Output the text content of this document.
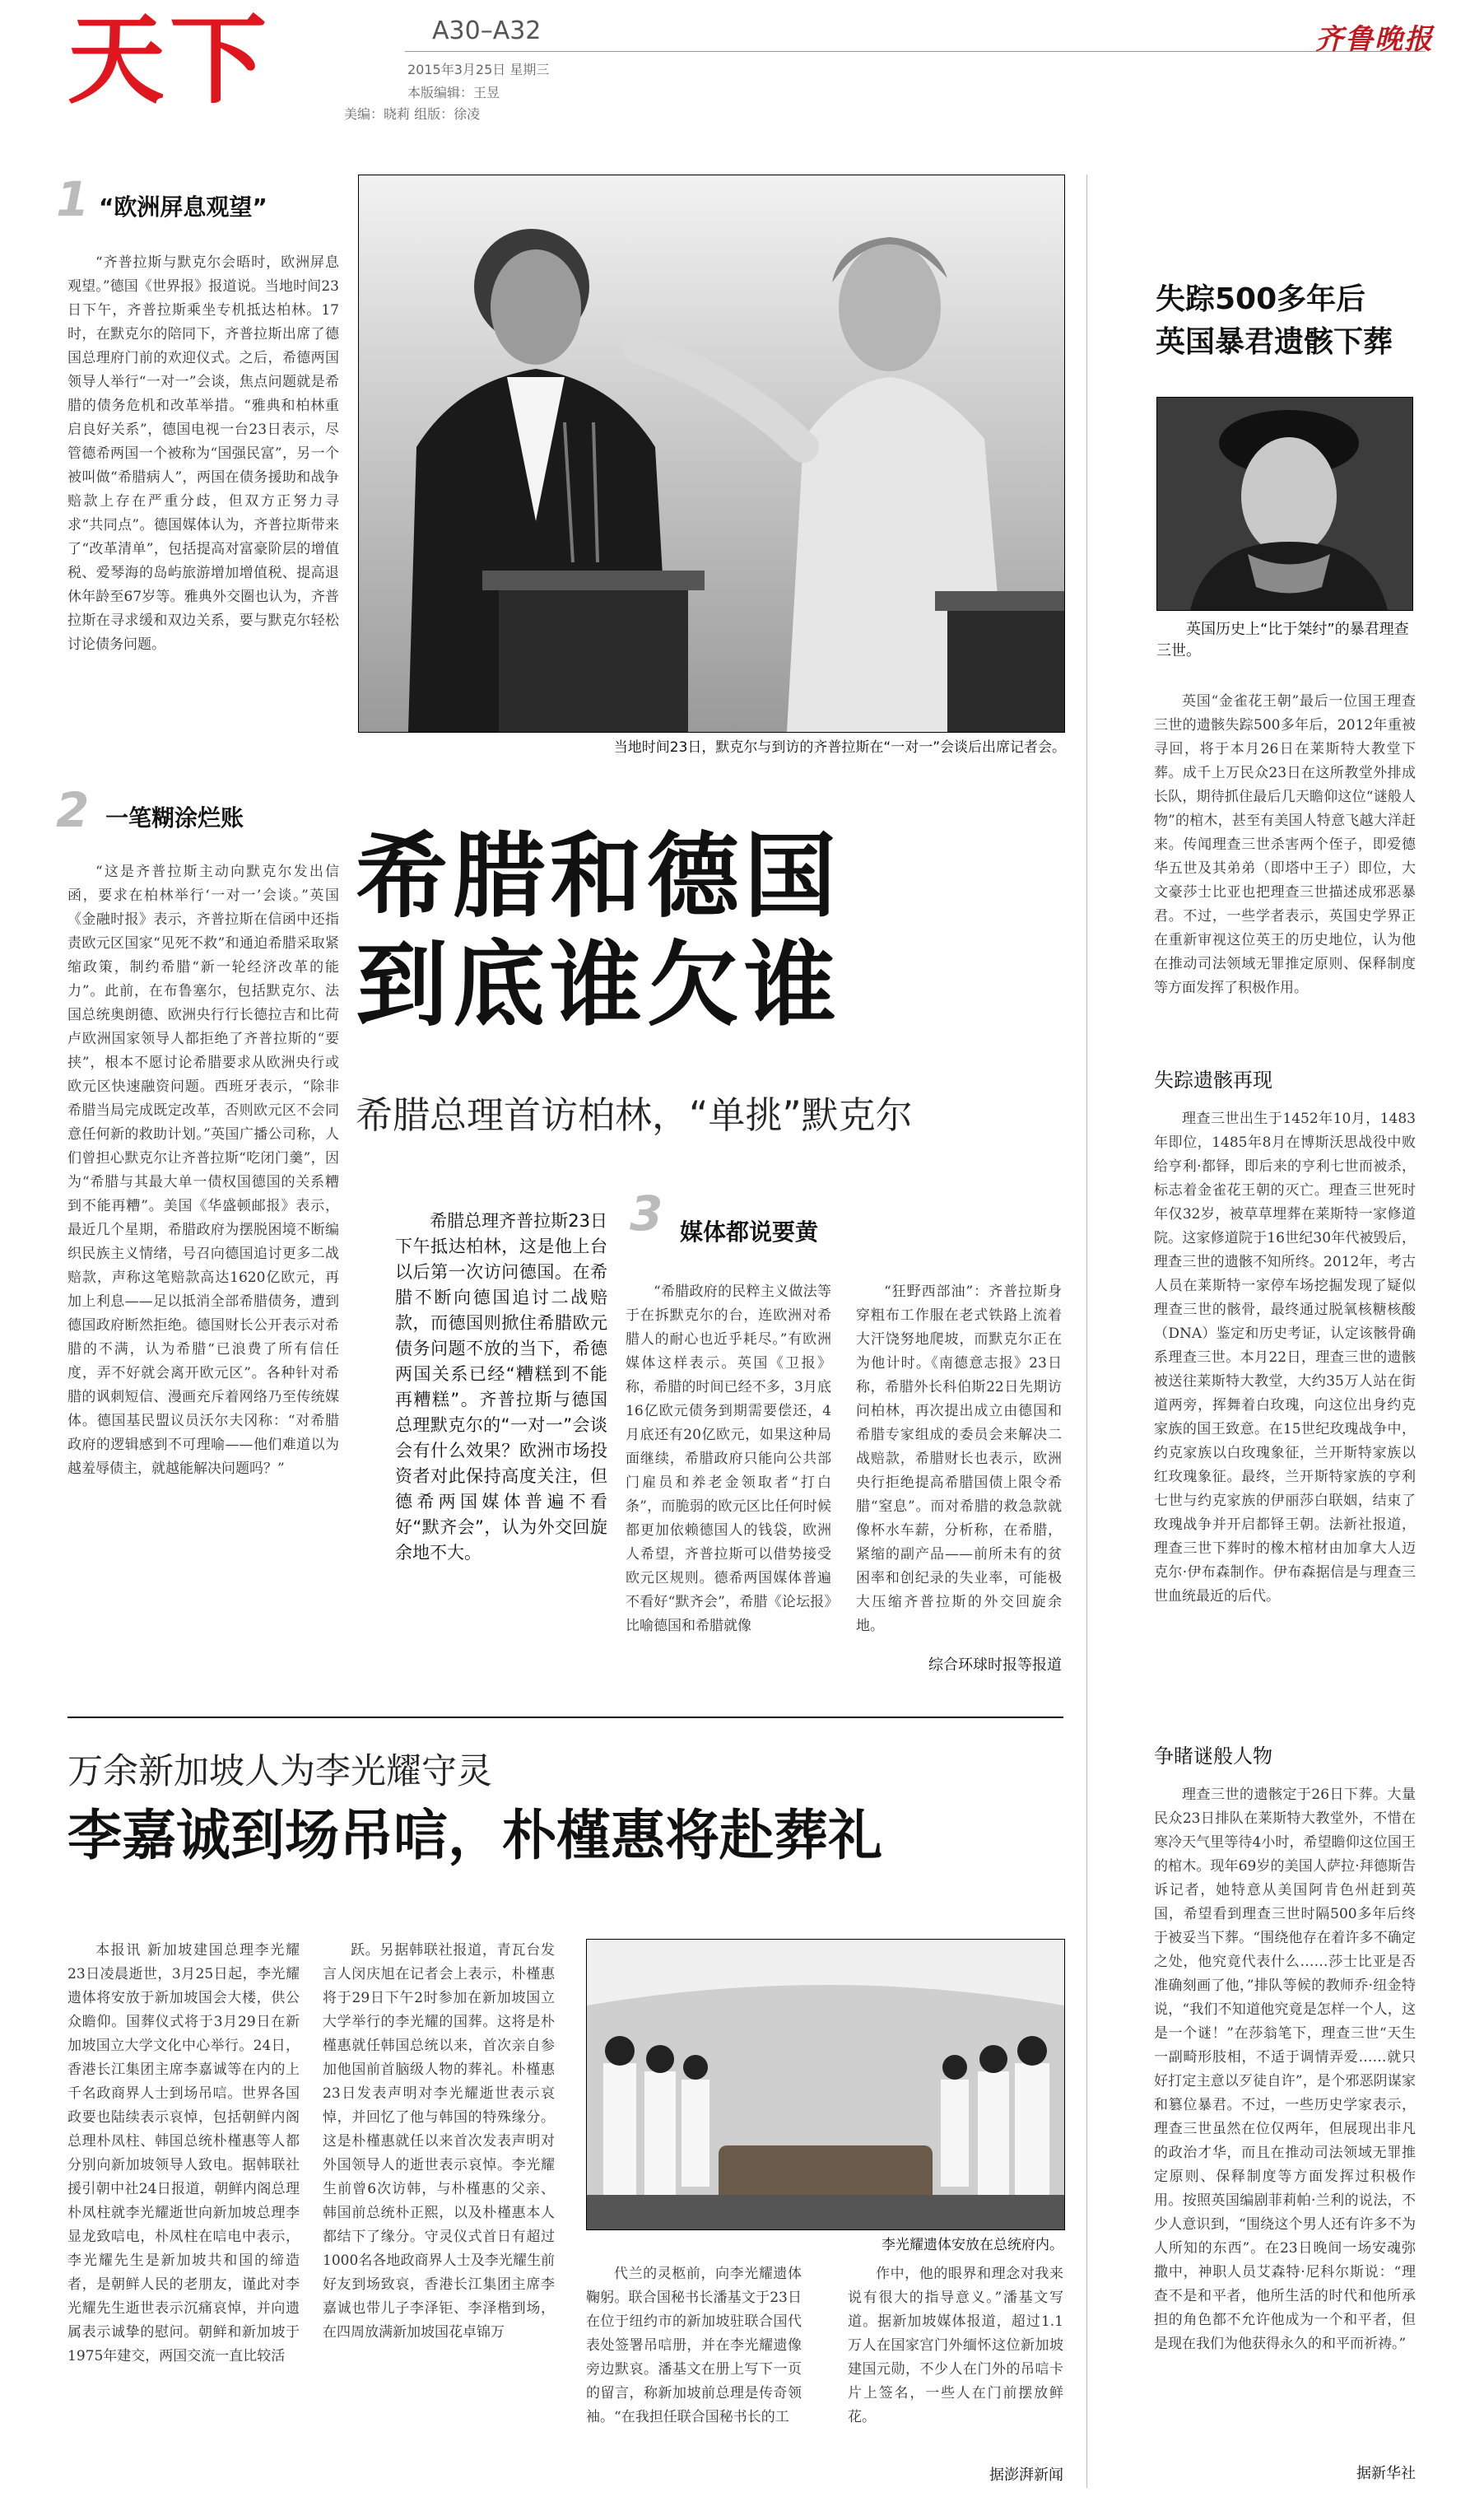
天下	A30–A32
2015年3月25日 星期三
本版编辑：王昱
美编：晓莉 组版：徐凌
齐鲁晚报
1 “欧洲屏息观望”

“齐普拉斯与默克尔会晤时，欧洲屏息观望。”德国《世界报》报道说。当地时间23日下午，齐普拉斯乘坐专机抵达柏林。17时，在默克尔的陪同下，齐普拉斯出席了德国总理府门前的欢迎仪式。之后，希德两国领导人举行“一对一”会谈，焦点问题就是希腊的债务危机和改革举措。“雅典和柏林重启良好关系”，德国电视一台23日表示，尽管德希两国一个被称为“国强民富”，另一个被叫做“希腊病人”，两国在债务援助和战争赔款上存在严重分歧，但双方正努力寻求“共同点”。德国媒体认为，齐普拉斯带来了“改革清单”，包括提高对富豪阶层的增值税、爱琴海的岛屿旅游增加增值税、提高退休年龄至67岁等。雅典外交圈也认为，齐普拉斯在寻求缓和双边关系，要与默克尔轻松讨论债务问题。

当地时间23日，默克尔与到访的齐普拉斯在“一对一”会谈后出席记者会。
2 一笔糊涂烂账

“这是齐普拉斯主动向默克尔发出信函，要求在柏林举行‘一对一’会谈。”英国《金融时报》表示，齐普拉斯在信函中还指责欧元区国家“见死不救”和通迫希腊采取紧缩政策，制约希腊“新一轮经济改革的能力”。此前，在布鲁塞尔，包括默克尔、法国总统奥朗德、欧洲央行行长德拉吉和比荷卢欧洲国家领导人都拒绝了齐普拉斯的“要挟”，根本不愿讨论希腊要求从欧洲央行或欧元区快速融资问题。西班牙表示，“除非希腊当局完成既定改革，否则欧元区不会同意任何新的救助计划。”英国广播公司称，人们曾担心默克尔让齐普拉斯“吃闭门羹”，因为“希腊与其最大单一债权国德国的关系糟到不能再糟”。美国《华盛顿邮报》表示，最近几个星期，希腊政府为摆脱困境不断编织民族主义情绪，号召向德国追讨更多二战赔款，声称这笔赔款高达1620亿欧元，再加上利息——足以抵消全部希腊债务，遭到德国政府断然拒绝。德国财长公开表示对希腊的不满，认为希腊“已浪费了所有信任度，弄不好就会离开欧元区”。各种针对希腊的讽刺短信、漫画充斥着网络乃至传统媒体。德国基民盟议员沃尔夫冈称：“对希腊政府的逻辑感到不可理喻——他们难道以为越羞辱债主，就越能解决问题吗？”

希腊和德国
到底谁欠谁
希腊总理首访柏林，“单挑”默克尔

希腊总理齐普拉斯23日下午抵达柏林，这是他上台以后第一次访问德国。在希腊不断向德国追讨二战赔款，而德国则掀住希腊欧元债务问题不放的当下，希德两国关系已经“糟糕到不能再糟糕”。齐普拉斯与德国总理默克尔的“一对一”会谈会有什么效果？欧洲市场投资者对此保持高度关注，但德希两国媒体普遍不看好“默齐会”，认为外交回旋余地不大。

3 媒体都说要黄

“希腊政府的民粹主义做法等于在拆默克尔的台，连欧洲对希腊人的耐心也近乎耗尽。”有欧洲媒体这样表示。英国《卫报》称，希腊的时间已经不多，3月底16亿欧元债务到期需要偿还，4月底还有20亿欧元，如果这种局面继续，希腊政府只能向公共部门雇员和养老金领取者“打白条”，而脆弱的欧元区比任何时候都更加依赖德国人的钱袋，欧洲人希望，齐普拉斯可以借势接受欧元区规则。德希两国媒体普遍不看好“默齐会”，希腊《论坛报》比喻德国和希腊就像

“狂野西部油”：齐普拉斯身穿粗布工作服在老式铁路上流着大汗饶努地爬坡，而默克尔正在为他计时。《南德意志报》23日称，希腊外长科伯斯22日先期访问柏林，再次提出成立由德国和希腊专家组成的委员会来解决二战赔款，希腊财长也表示，欧洲央行拒绝提高希腊国债上限令希腊“窒息”。而对希腊的救急款就像杯水车薪，分析称，在希腊，紧缩的副产品——前所未有的贫困率和创纪录的失业率，可能极大压缩齐普拉斯的外交回旋余地。

综合环球时报等报道
万余新加坡人为李光耀守灵
李嘉诚到场吊唁，朴槿惠将赴葬礼

本报讯 新加坡建国总理李光耀23日凌晨逝世，3月25日起，李光耀遗体将安放于新加坡国会大楼，供公众瞻仰。国葬仪式将于3月29日在新加坡国立大学文化中心举行。24日，香港长江集团主席李嘉诚等在内的上千名政商界人士到场吊唁。世界各国政要也陆续表示哀悼，包括朝鲜内阁总理朴凤柱、韩国总统朴槿惠等人都分别向新加坡领导人致电。据韩联社援引朝中社24日报道，朝鲜内阁总理朴凤柱就李光耀逝世向新加坡总理李显龙致唁电，朴凤柱在唁电中表示，李光耀先生是新加坡共和国的缔造者，是朝鲜人民的老朋友，谨此对李光耀先生逝世表示沉痛哀悼，并向遗属表示诚挚的慰问。朝鲜和新加坡于1975年建交，两国交流一直比较活

跃。另据韩联社报道，青瓦台发言人闵庆旭在记者会上表示，朴槿惠将于29日下午2时参加在新加坡国立大学举行的李光耀的国葬。这将是朴槿惠就任韩国总统以来，首次亲自参加他国前首脑级人物的葬礼。朴槿惠23日发表声明对李光耀逝世表示哀悼，并回忆了他与韩国的特殊缘分。这是朴槿惠就任以来首次发表声明对外国领导人的逝世表示哀悼。李光耀生前曾6次访韩，与朴槿惠的父亲、韩国前总统朴正熙，以及朴槿惠本人都结下了缘分。守灵仪式首日有超过1000名各地政商界人士及李光耀生前好友到场致哀，香港长江集团主席李嘉诚也带儿子李泽钜、李泽楷到场，在四周放满新加坡国花卓锦万

李光耀遗体安放在总统府内。

代兰的灵柩前，向李光耀遗体鞠躬。联合国秘书长潘基文于23日在位于纽约市的新加坡驻联合国代表处签署吊唁册，并在李光耀遗像旁边默哀。潘基文在册上写下一页的留言，称新加坡前总理是传奇领袖。“在我担任联合国秘书长的工

作中，他的眼界和理念对我来说有很大的指导意义。”潘基文写道。据新加坡媒体报道，超过1.1万人在国家宫门外缅怀这位新加坡建国元勋，不少人在门外的吊唁卡片上签名，一些人在门前摆放鲜花。

据澎湃新闻
失踪500多年后
英国暴君遗骸下葬
英国历史上“比于桀纣”的暴君理查三世。

英国“金雀花王朝”最后一位国王理查三世的遗骸失踪500多年后，2012年重被寻回，将于本月26日在莱斯特大教堂下葬。成千上万民众23日在这所教堂外排成长队，期待抓住最后几天瞻仰这位“谜般人物”的棺木，甚至有美国人特意飞越大洋赶来。传闻理查三世杀害两个侄子，即爱德华五世及其弟弟（即塔中王子）即位，大文豪莎士比亚也把理查三世描述成邪恶暴君。不过，一些学者表示，英国史学界正在重新审视这位英王的历史地位，认为他在推动司法领域无罪推定原则、保释制度等方面发挥了积极作用。

失踪遗骸再现

理查三世出生于1452年10月，1483年即位，1485年8月在博斯沃思战役中败给亨利·都铎，即后来的亨利七世而被杀，标志着金雀花王朝的灭亡。理查三世死时年仅32岁，被草草埋葬在莱斯特一家修道院。这家修道院于16世纪30年代被毁后，理查三世的遗骸不知所终。2012年，考古人员在莱斯特一家停车场挖掘发现了疑似理查三世的骸骨，最终通过脱氧核糖核酸（DNA）鉴定和历史考证，认定该骸骨确系理查三世。本月22日，理查三世的遗骸被送往莱斯特大教堂，大约35万人站在街道两旁，挥舞着白玫瑰，向这位出身约克家族的国王致意。在15世纪玫瑰战争中，约克家族以白玫瑰象征，兰开斯特家族以红玫瑰象征。最终，兰开斯特家族的亨利七世与约克家族的伊丽莎白联姻，结束了玫瑰战争并开启都铎王朝。法新社报道，理查三世下葬时的橡木棺材由加拿大人迈克尔·伊布森制作。伊布森据信是与理查三世血统最近的后代。

争睹谜般人物

理查三世的遗骸定于26日下葬。大量民众23日排队在莱斯特大教堂外，不惜在寒冷天气里等待4小时，希望瞻仰这位国王的棺木。现年69岁的美国人萨拉·拜德斯告诉记者，她特意从美国阿肯色州赶到英国，希望看到理查三世时隔500多年后终于被妥当下葬。“围绕他存在着许多不确定之处，他究竟代表什么……莎士比亚是否准确刻画了他，”排队等候的教师乔·纽金特说，“我们不知道他究竟是怎样一个人，这是一个谜！”在莎翁笔下，理查三世“天生一副畸形肢相，不适于调情弄爱……就只好打定主意以歹徒自许”，是个邪恶阴谋家和篡位暴君。不过，一些历史学家表示，理查三世虽然在位仅两年，但展现出非凡的政治才华，而且在推动司法领域无罪推定原则、保释制度等方面发挥过积极作用。按照英国编剧菲莉帕·兰利的说法，不少人意识到，“围绕这个男人还有许多不为人所知的东西”。在23日晚间一场安魂弥撒中，神职人员艾森特·尼科尔斯说：“理查不是和平者，他所生活的时代和他所承担的角色都不允许他成为一个和平者，但是现在我们为他获得永久的和平而祈祷。”

据新华社
